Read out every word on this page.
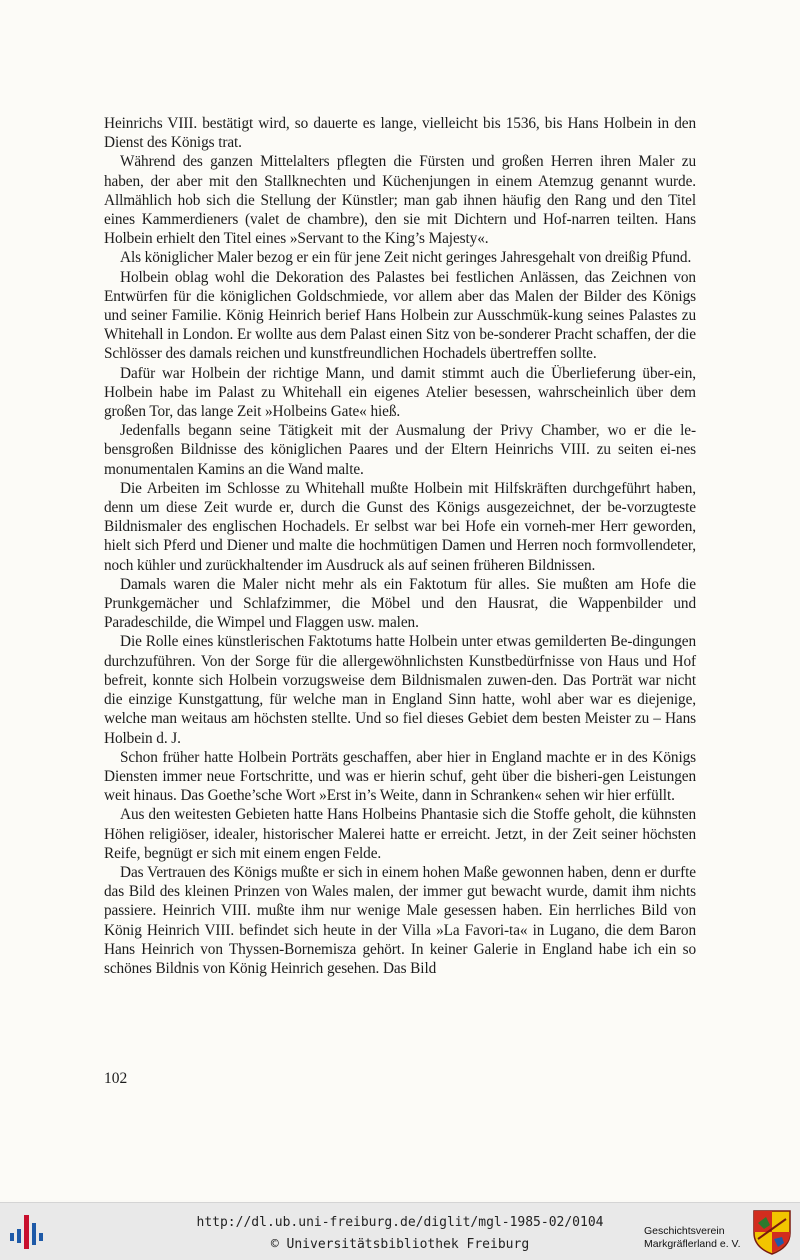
Heinrichs VIII. bestätigt wird, so dauerte es lange, vielleicht bis 1536, bis Hans Holbein in den Dienst des Königs trat.

Während des ganzen Mittelalters pflegten die Fürsten und großen Herren ihren Maler zu haben, der aber mit den Stallknechten und Küchenjungen in einem Atemzug genannt wurde. Allmählich hob sich die Stellung der Künstler; man gab ihnen häufig den Rang und den Titel eines Kammerdieners (valet de chambre), den sie mit Dichtern und Hof-narren teilten. Hans Holbein erhielt den Titel eines »Servant to the King’s Majesty«.

Als königlicher Maler bezog er ein für jene Zeit nicht geringes Jahresgehalt von dreißig Pfund.

Holbein oblag wohl die Dekoration des Palastes bei festlichen Anlässen, das Zeichnen von Entwürfen für die königlichen Goldschmiede, vor allem aber das Malen der Bilder des Königs und seiner Familie. König Heinrich berief Hans Holbein zur Ausschmük-kung seines Palastes zu Whitehall in London. Er wollte aus dem Palast einen Sitz von be-sonderer Pracht schaffen, der die Schlösser des damals reichen und kunstfreundlichen Hochadels übertreffen sollte.

Dafür war Holbein der richtige Mann, und damit stimmt auch die Überlieferung über-ein, Holbein habe im Palast zu Whitehall ein eigenes Atelier besessen, wahrscheinlich über dem großen Tor, das lange Zeit »Holbeins Gate« hieß.

Jedenfalls begann seine Tätigkeit mit der Ausmalung der Privy Chamber, wo er die le-bensgroßen Bildnisse des königlichen Paares und der Eltern Heinrichs VIII. zu seiten ei-nes monumentalen Kamins an die Wand malte.

Die Arbeiten im Schlosse zu Whitehall mußte Holbein mit Hilfskräften durchgeführt haben, denn um diese Zeit wurde er, durch die Gunst des Königs ausgezeichnet, der be-vorzugteste Bildnismaler des englischen Hochadels. Er selbst war bei Hofe ein vorneh-mer Herr geworden, hielt sich Pferd und Diener und malte die hochmütigen Damen und Herren noch formvollendeter, noch kühler und zurückhaltender im Ausdruck als auf seinen früheren Bildnissen.

Damals waren die Maler nicht mehr als ein Faktotum für alles. Sie mußten am Hofe die Prunkgemächer und Schlafzimmer, die Möbel und den Hausrat, die Wappenbilder und Paradeschilde, die Wimpel und Flaggen usw. malen.

Die Rolle eines künstlerischen Faktotums hatte Holbein unter etwas gemilderten Be-dingungen durchzuführen. Von der Sorge für die allergewöhnlichsten Kunstbedürfnisse von Haus und Hof befreit, konnte sich Holbein vorzugsweise dem Bildnismalen zuwen-den. Das Porträt war nicht die einzige Kunstgattung, für welche man in England Sinn hatte, wohl aber war es diejenige, welche man weitaus am höchsten stellte. Und so fiel dieses Gebiet dem besten Meister zu – Hans Holbein d. J.

Schon früher hatte Holbein Porträts geschaffen, aber hier in England machte er in des Königs Diensten immer neue Fortschritte, und was er hierin schuf, geht über die bisheri-gen Leistungen weit hinaus. Das Goethe’sche Wort »Erst in’s Weite, dann in Schranken« sehen wir hier erfüllt.

Aus den weitesten Gebieten hatte Hans Holbeins Phantasie sich die Stoffe geholt, die kühnsten Höhen religiöser, idealer, historischer Malerei hatte er erreicht. Jetzt, in der Zeit seiner höchsten Reife, begnügt er sich mit einem engen Felde.

Das Vertrauen des Königs mußte er sich in einem hohen Maße gewonnen haben, denn er durfte das Bild des kleinen Prinzen von Wales malen, der immer gut bewacht wurde, damit ihm nichts passiere. Heinrich VIII. mußte ihm nur wenige Male gesessen haben. Ein herrliches Bild von König Heinrich VIII. befindet sich heute in der Villa »La Favori-ta« in Lugano, die dem Baron Hans Heinrich von Thyssen-Bornemisza gehört. In keiner Galerie in England habe ich ein so schönes Bildnis von König Heinrich gesehen. Das Bild

102
http://dl.ub.uni-freiburg.de/diglit/mgl-1985-02/0104
© Universitätsbibliothek Freiburg
Geschichtsverein
Markgräflerland e. V.
